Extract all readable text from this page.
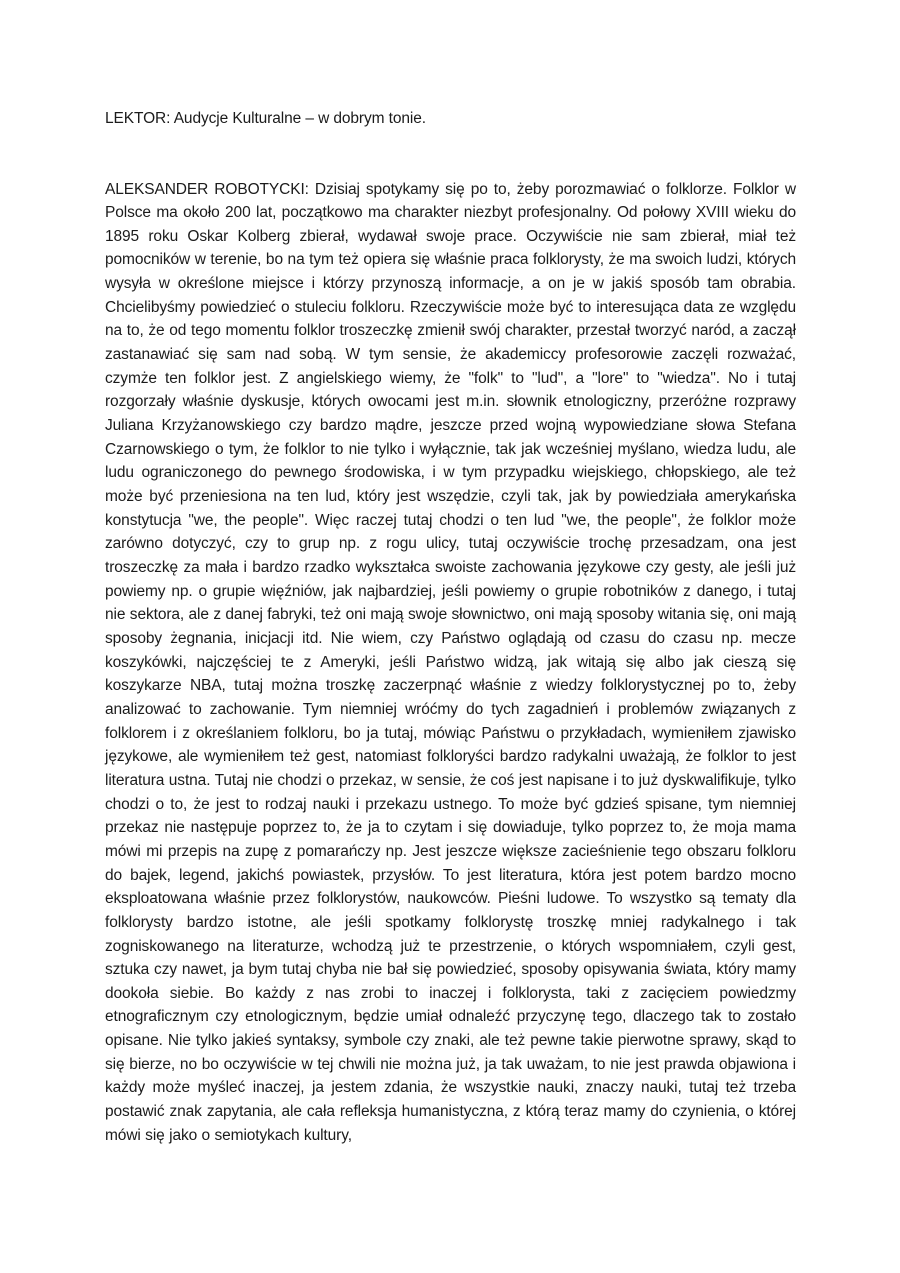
LEKTOR: Audycje Kulturalne – w dobrym tonie.

ALEKSANDER ROBOTYCKI: Dzisiaj spotykamy się po to, żeby porozmawiać o folklorze. Folklor w Polsce ma około 200 lat, początkowo ma charakter niezbyt profesjonalny. Od połowy XVIII wieku do 1895 roku Oskar Kolberg zbierał, wydawał swoje prace. Oczywiście nie sam zbierał, miał też pomocników w terenie, bo na tym też opiera się właśnie praca folklorysty, że ma swoich ludzi, których wysyła w określone miejsce i którzy przynoszą informacje, a on je w jakiś sposób tam obrabia. Chcielibyśmy powiedzieć o stuleciu folkloru. Rzeczywiście może być to interesująca data ze względu na to, że od tego momentu folklor troszeczkę zmienił swój charakter, przestał tworzyć naród, a zaczął zastanawiać się sam nad sobą. W tym sensie, że akademiccy profesorowie zaczęli rozważać, czymże ten folklor jest. Z angielskiego wiemy, że "folk" to "lud", a "lore" to "wiedza". No i tutaj rozgorzały właśnie dyskusje, których owocami jest m.in. słownik etnologiczny, przeróżne rozprawy Juliana Krzyżanowskiego czy bardzo mądre, jeszcze przed wojną wypowiedziane słowa Stefana Czarnowskiego o tym, że folklor to nie tylko i wyłącznie, tak jak wcześniej myślano, wiedza ludu, ale ludu ograniczonego do pewnego środowiska, i w tym przypadku wiejskiego, chłopskiego, ale też może być przeniesiona na ten lud, który jest wszędzie, czyli tak, jak by powiedziała amerykańska konstytucja "we, the people". Więc raczej tutaj chodzi o ten lud "we, the people", że folklor może zarówno dotyczyć, czy to grup np. z rogu ulicy, tutaj oczywiście trochę przesadzam, ona jest troszeczkę za mała i bardzo rzadko wykształca swoiste zachowania językowe czy gesty, ale jeśli już powiemy np. o grupie więźniów, jak najbardziej, jeśli powiemy o grupie robotników z danego, i tutaj nie sektora, ale z danej fabryki, też oni mają swoje słownictwo, oni mają sposoby witania się, oni mają sposoby żegnania, inicjacji itd. Nie wiem, czy Państwo oglądają od czasu do czasu np. mecze koszykówki, najczęściej te z Ameryki, jeśli Państwo widzą, jak witają się albo jak cieszą się koszykarze NBA, tutaj można troszkę zaczerpnąć właśnie z wiedzy folklorystycznej po to, żeby analizować to zachowanie. Tym niemniej wróćmy do tych zagadnień i problemów związanych z folklorem i z określaniem folkloru, bo ja tutaj, mówiąc Państwu o przykładach, wymieniłem zjawisko językowe, ale wymieniłem też gest, natomiast folkloryści bardzo radykalni uważają, że folklor to jest literatura ustna. Tutaj nie chodzi o przekaz, w sensie, że coś jest napisane i to już dyskwalifikuje, tylko chodzi o to, że jest to rodzaj nauki i przekazu ustnego. To może być gdzieś spisane, tym niemniej przekaz nie następuje poprzez to, że ja to czytam i się dowiaduje, tylko poprzez to, że moja mama mówi mi przepis na zupę z pomarańczy np. Jest jeszcze większe zacieśnienie tego obszaru folkloru do bajek, legend, jakichś powiastek, przysłów. To jest literatura, która jest potem bardzo mocno eksploatowana właśnie przez folklorystów, naukowców. Pieśni ludowe. To wszystko są tematy dla folklorysty bardzo istotne, ale jeśli spotkamy folklorystę troszkę mniej radykalnego i tak zogniskowanego na literaturze, wchodzą już te przestrzenie, o których wspomniałem, czyli gest, sztuka czy nawet, ja bym tutaj chyba nie bał się powiedzieć, sposoby opisywania świata, który mamy dookoła siebie. Bo każdy z nas zrobi to inaczej i folklorysta, taki z zacięciem powiedzmy etnograficznym czy etnologicznym, będzie umiał odnaleźć przyczynę tego, dlaczego tak to zostało opisane. Nie tylko jakieś syntaksy, symbole czy znaki, ale też pewne takie pierwotne sprawy, skąd to się bierze, no bo oczywiście w tej chwili nie można już, ja tak uważam, to nie jest prawda objawiona i każdy może myśleć inaczej, ja jestem zdania, że wszystkie nauki, znaczy nauki, tutaj też trzeba postawić znak zapytania, ale cała refleksja humanistyczna, z którą teraz mamy do czynienia, o której mówi się jako o semiotykach kultury,
